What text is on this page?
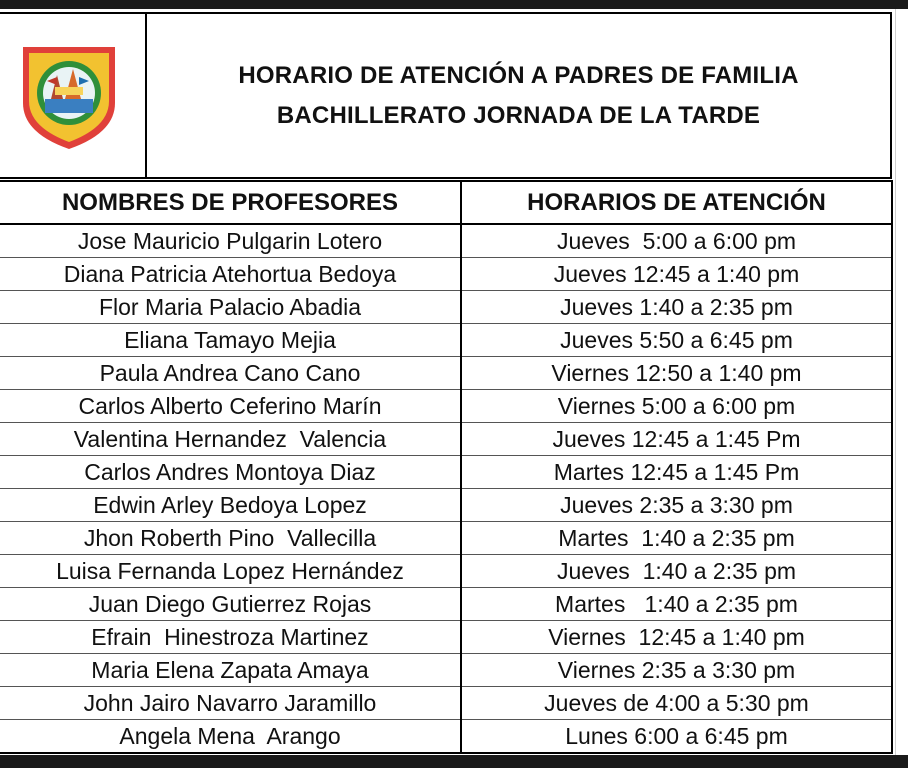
HORARIO DE ATENCIÓN A PADRES DE FAMILIA
BACHILLERATO JORNADA DE LA TARDE
NOMBRES DE PROFESORES	HORARIOS DE ATENCIÓN
Jose Mauricio Pulgarin Lotero	Jueves  5:00 a 6:00 pm
Diana Patricia Atehortua Bedoya	Jueves 12:45 a 1:40 pm
Flor Maria Palacio Abadia	Jueves 1:40 a 2:35 pm
Eliana Tamayo Mejia	Jueves 5:50 a 6:45 pm
Paula Andrea Cano Cano	Viernes 12:50 a 1:40 pm
Carlos Alberto Ceferino Marín	Viernes 5:00 a 6:00 pm
Valentina Hernandez  Valencia	Jueves 12:45 a 1:45 Pm
Carlos Andres Montoya Diaz	Martes 12:45 a 1:45 Pm
Edwin Arley Bedoya Lopez	Jueves 2:35 a 3:30 pm
Jhon Roberth Pino  Vallecilla	Martes  1:40 a 2:35 pm
Luisa Fernanda Lopez Hernández	Jueves  1:40 a 2:35 pm
Juan Diego Gutierrez Rojas	Martes   1:40 a 2:35 pm
Efrain  Hinestroza Martinez	Viernes  12:45 a 1:40 pm
Maria Elena Zapata Amaya	Viernes 2:35 a 3:30 pm
John Jairo Navarro Jaramillo	Jueves de 4:00 a 5:30 pm
Angela Mena  Arango	Lunes 6:00 a 6:45 pm
